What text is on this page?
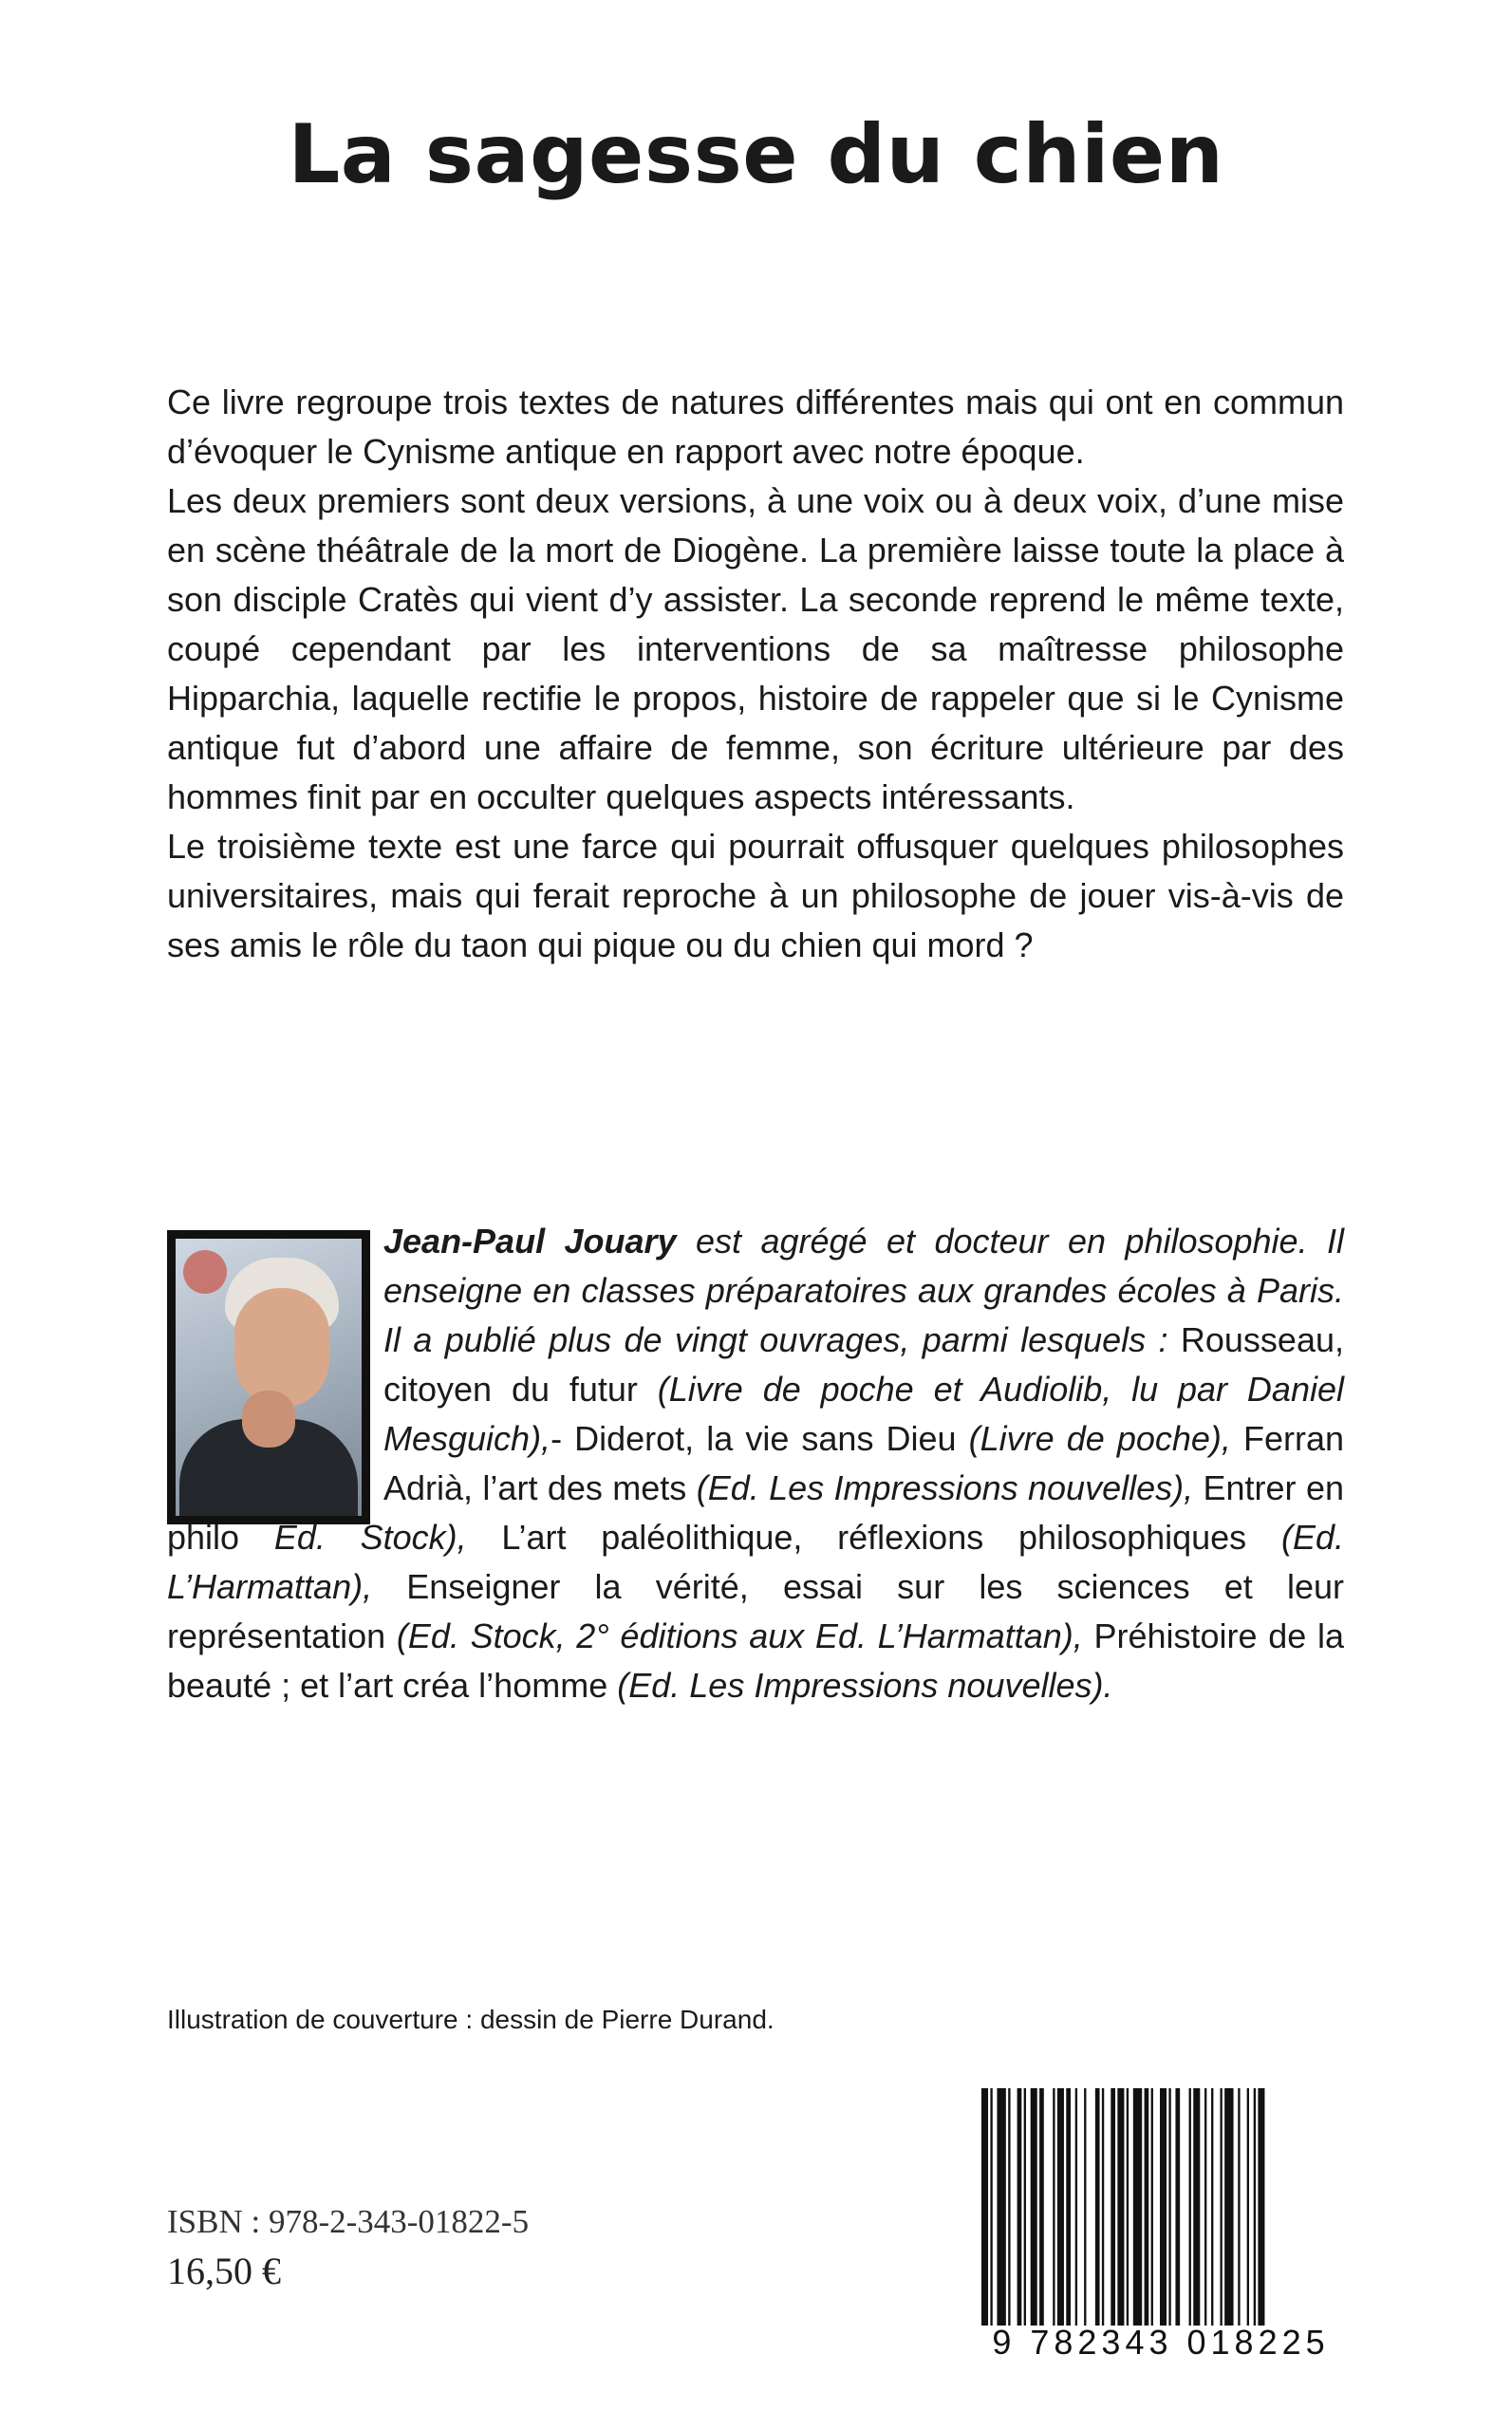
La sagesse du chien

Ce livre regroupe trois textes de natures différentes mais qui ont en commun d’évoquer le Cynisme antique en rapport avec notre époque.

Les deux premiers sont deux versions, à une voix ou à deux voix, d’une mise en scène théâtrale de la mort de Diogène. La première laisse toute la place à son disciple Cratès qui vient d’y assister. La seconde reprend le même texte, coupé cependant par les interventions de sa maîtresse philosophe Hipparchia, laquelle rectifie le propos, histoire de rappeler que si le Cynisme antique fut d’abord une affaire de femme, son écriture ultérieure par des hommes finit par en occulter quelques aspects intéressants.

Le troisième texte est une farce qui pourrait offusquer quelques philosophes universitaires, mais qui ferait reproche à un philosophe de jouer vis-à-vis de ses amis le rôle du taon qui pique ou du chien qui mord ?

Jean-Paul Jouary est agrégé et docteur en philosophie. Il enseigne en classes préparatoires aux grandes écoles à Paris. Il a publié plus de vingt ouvrages, parmi lesquels : Rousseau, citoyen du futur (Livre de poche et Audiolib, lu par Daniel Mesguich),- Diderot, la vie sans Dieu (Livre de poche), Ferran Adrià, l’art des mets (Ed. Les Impressions nouvelles), Entrer en philo Ed. Stock), L’art paléolithique, réflexions philosophiques (Ed. L’Harmattan), Enseigner la vérité, essai sur les sciences et leur représentation (Ed. Stock, 2° éditions aux Ed. L’Harmattan), Préhistoire de la beauté ; et l’art créa l’homme (Ed. Les Impressions nouvelles).
Illustration de couverture : dessin de Pierre Durand.
ISBN : 978-2-343-01822-5
16,50 €
9 782343 018225
